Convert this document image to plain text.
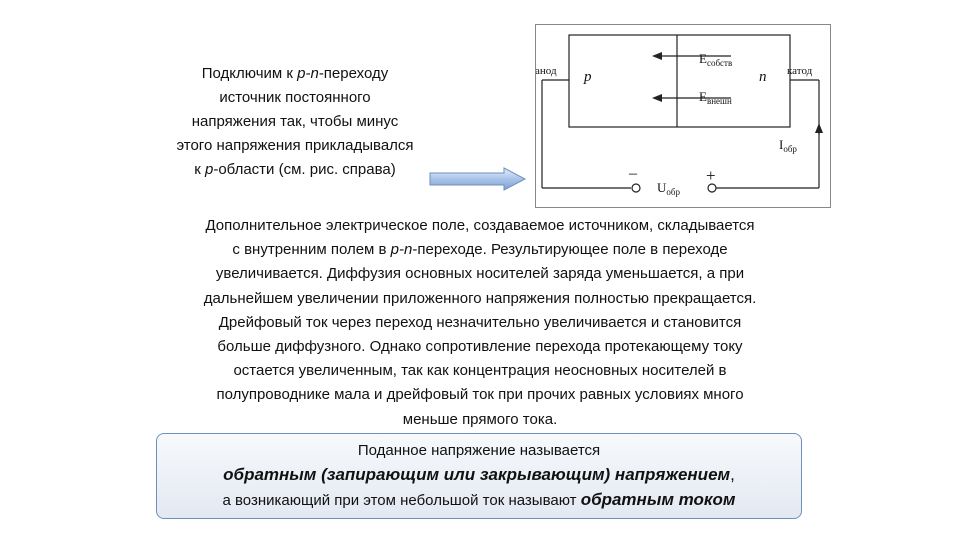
Подключим к p-n-переходу
источник постоянного
напряжения так, чтобы минус
этого напряжения прикладывался
к p-области (см. рис. справа)
анод	катод
p	n
$E_{собств}$
$E_{внешн}$
$I_{обр}$
$U_{обр}$
–	+
Дополнительное электрическое поле, создаваемое источником, складывается
с внутренним полем в p-n-переходе. Результирующее поле в переходе
увеличивается. Диффузия основных носителей заряда уменьшается, а при
дальнейшем увеличении приложенного напряжения полностью прекращается.
Дрейфовый ток через переход незначительно увеличивается и становится
больше диффузного. Однако сопротивление перехода протекающему току
остается увеличенным, так как концентрация неосновных носителей в
полупроводнике мала и дрейфовый ток при прочих равных условиях много
меньше прямого тока.
Поданное напряжение называется
обратным (запирающим или закрывающим) напряжением,
а возникающий при этом небольшой ток называют обратным током
